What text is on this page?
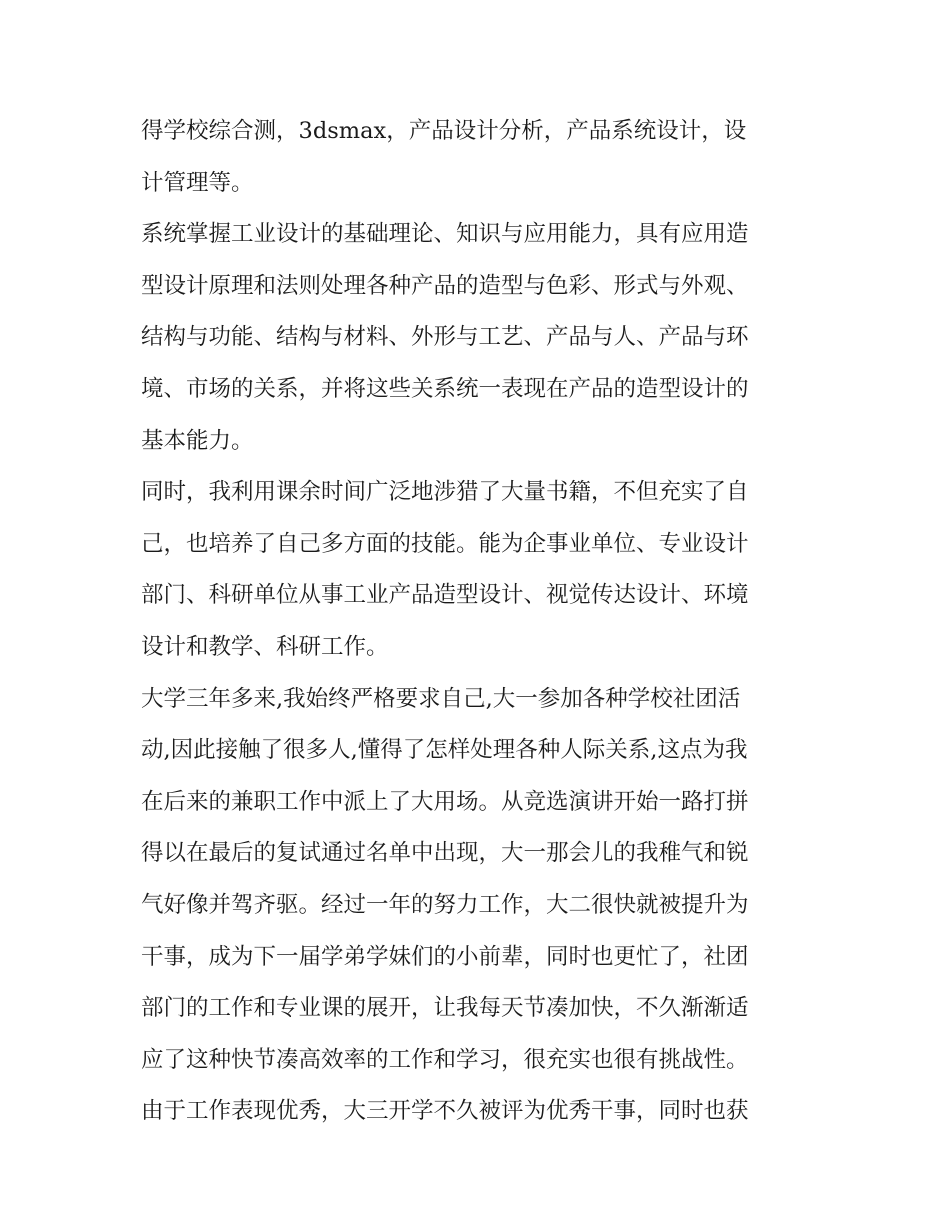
得学校综合测，3dsmax，产品设计分析，产品系统设计，设
计管理等。
系统掌握工业设计的基础理论、知识与应用能力，具有应用造
型设计原理和法则处理各种产品的造型与色彩、形式与外观、
结构与功能、结构与材料、外形与工艺、产品与人、产品与环
境、市场的关系，并将这些关系统一表现在产品的造型设计的
基本能力。
同时，我利用课余时间广泛地涉猎了大量书籍，不但充实了自
己，也培养了自己多方面的技能。能为企事业单位、专业设计
部门、科研单位从事工业产品造型设计、视觉传达设计、环境
设计和教学、科研工作。
大学三年多来,我始终严格要求自己,大一参加各种学校社团活
动,因此接触了很多人,懂得了怎样处理各种人际关系,这点为我
在后来的兼职工作中派上了大用场。从竞选演讲开始一路打拼
得以在最后的复试通过名单中出现，大一那会儿的我稚气和锐
气好像并驾齐驱。经过一年的努力工作，大二很快就被提升为
干事，成为下一届学弟学妹们的小前辈，同时也更忙了，社团
部门的工作和专业课的展开，让我每天节凑加快，不久渐渐适
应了这种快节凑高效率的工作和学习，很充实也很有挑战性。
由于工作表现优秀，大三开学不久被评为优秀干事，同时也获
